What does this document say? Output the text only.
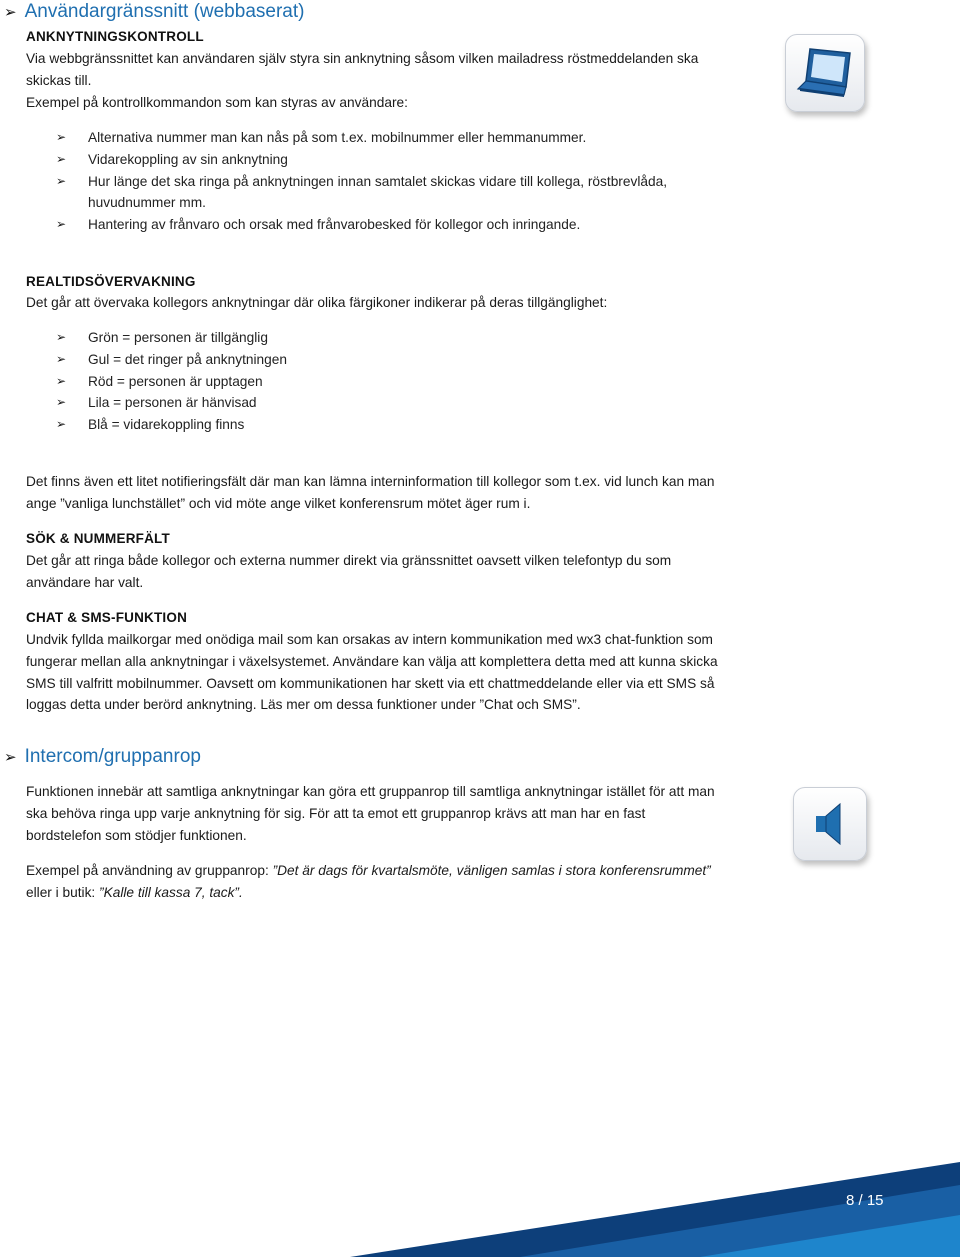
➢ Användargränssnitt (webbaserat)
ANKNYTNINGSKONTROLL
Via webbgränssnittet kan användaren själv styra sin anknytning såsom vilken mailadress röstmeddelanden ska
skickas till.
Exempel på kontrollkommandon som kan styras av användare:
➢ Alternativa nummer man kan nås på som t.ex. mobilnummer eller hemmanummer.
➢ Vidarekoppling av sin anknytning
➢ Hur länge det ska ringa på anknytningen innan samtalet skickas vidare till kollega, röstbrevlåda,
huvudnummer mm.
➢ Hantering av frånvaro och orsak med frånvarobesked för kollegor och inringande.
REALTIDSÖVERVAKNING
Det går att övervaka kollegors anknytningar där olika färgikoner indikerar på deras tillgänglighet:
➢ Grön = personen är tillgänglig
➢ Gul = det ringer på anknytningen
➢ Röd = personen är upptagen
➢ Lila = personen är hänvisad
➢ Blå = vidarekoppling finns
Det finns även ett litet notifieringsfält där man kan lämna interninformation till kollegor som t.ex. vid lunch kan man
ange ”vanliga lunchstället” och vid möte ange vilket konferensrum mötet äger rum i.
SÖK & NUMMERFÄLT
Det går att ringa både kollegor och externa nummer direkt via gränssnittet oavsett vilken telefontyp du som
användare har valt.
CHAT & SMS-FUNKTION
Undvik fyllda mailkorgar med onödiga mail som kan orsakas av intern kommunikation med wx3 chat-funktion som
fungerar mellan alla anknytningar i växelsystemet. Användare kan välja att komplettera detta med att kunna skicka
SMS till valfritt mobilnummer. Oavsett om kommunikationen har skett via ett chattmeddelande eller via ett SMS så
loggas detta under berörd anknytning. Läs mer om dessa funktioner under ”Chat och SMS”.
➢ Intercom/gruppanrop
Funktionen innebär att samtliga anknytningar kan göra ett gruppanrop till samtliga anknytningar istället för att man
ska behöva ringa upp varje anknytning för sig. För att ta emot ett gruppanrop krävs att man har en fast
bordstelefon som stödjer funktionen.
Exempel på användning av gruppanrop: ”Det är dags för kvartalsmöte, vänligen samlas i stora konferensrummet”
eller i butik: ”Kalle till kassa 7, tack”.
8 / 15
